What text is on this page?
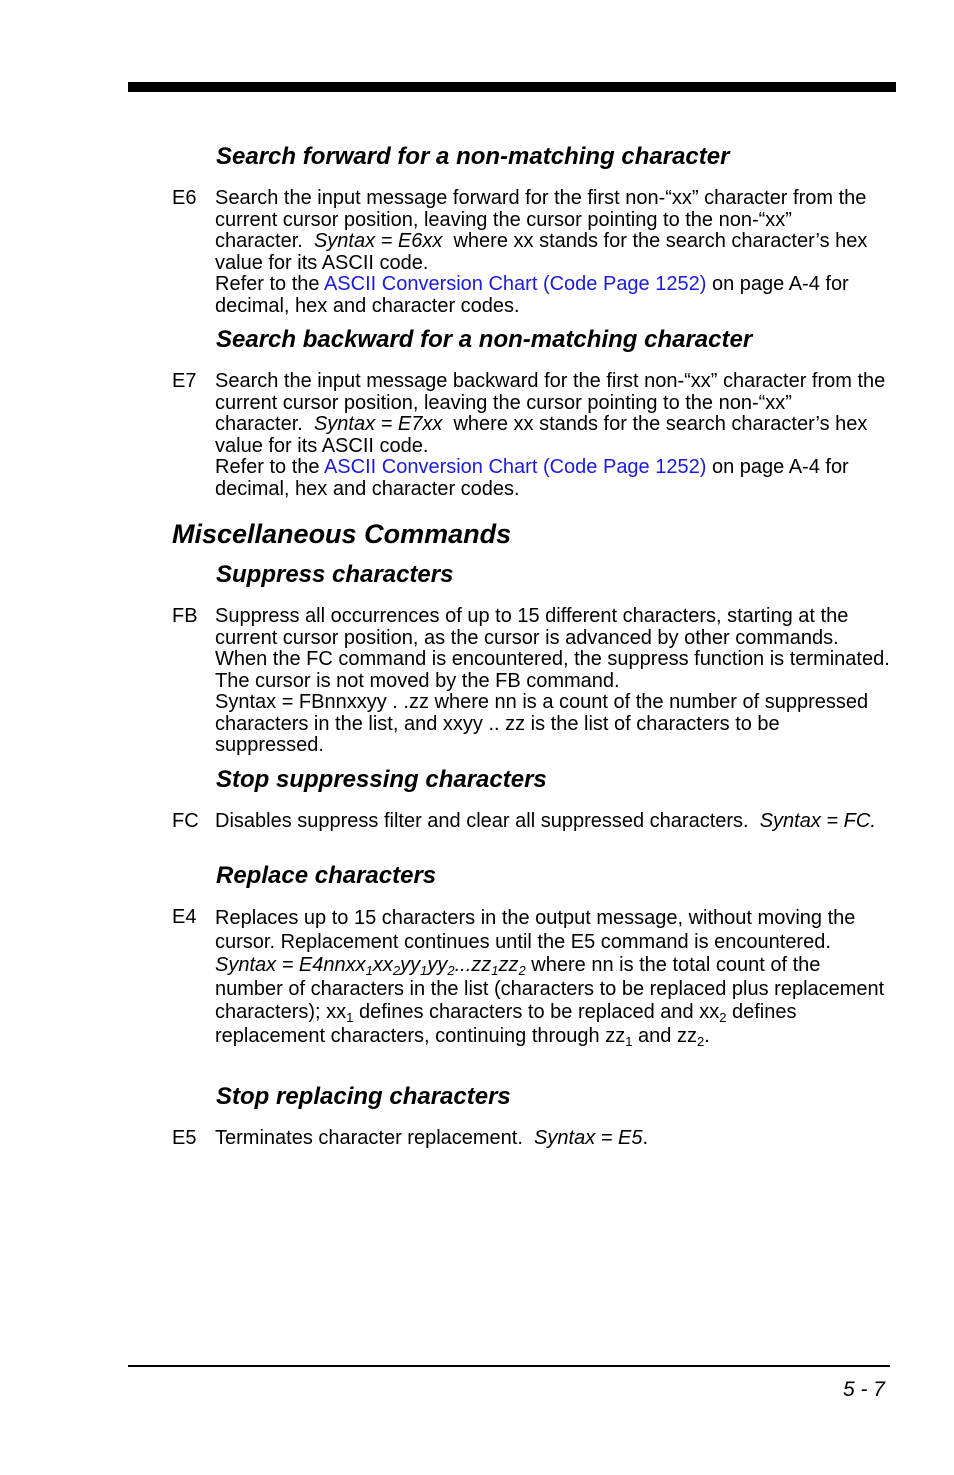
Search forward for a non-matching character
E6 Search the input message forward for the first non-“xx” character from the current cursor position, leaving the cursor pointing to the non-“xx” character. Syntax = E6xx where xx stands for the search character’s hex value for its ASCII code.

Refer to the ASCII Conversion Chart (Code Page 1252) on page A-4 for decimal, hex and character codes.

Search backward for a non-matching character
E7 Search the input message backward for the first non-“xx” character from the current cursor position, leaving the cursor pointing to the non-“xx” character. Syntax = E7xx where xx stands for the search character’s hex value for its ASCII code.

Refer to the ASCII Conversion Chart (Code Page 1252) on page A-4 for decimal, hex and character codes.

Miscellaneous Commands
Suppress characters
FB Suppress all occurrences of up to 15 different characters, starting at the current cursor position, as the cursor is advanced by other commands. When the FC command is encountered, the suppress function is terminated. The cursor is not moved by the FB command.

Syntax = FBnnxxyy . .zz where nn is a count of the number of suppressed characters in the list, and xxyy .. zz is the list of characters to be suppressed.

Stop suppressing characters
FC Disables suppress filter and clear all suppressed characters. Syntax = FC.

Replace characters
E4 Replaces up to 15 characters in the output message, without moving the cursor. Replacement continues until the E5 command is encountered.  Syntax = $E4nnxx_1xx_2yy_1yy_2...zz_1zz_2$ where nn is the total count of the number of characters in the list (characters to be replaced plus replacement characters); $xx_1$ defines characters to be replaced and $xx_2$ defines replacement characters, continuing through $zz_1$ and $zz_2$.

Stop replacing characters
E5 Terminates character replacement. Syntax = E5.

5 - 7
